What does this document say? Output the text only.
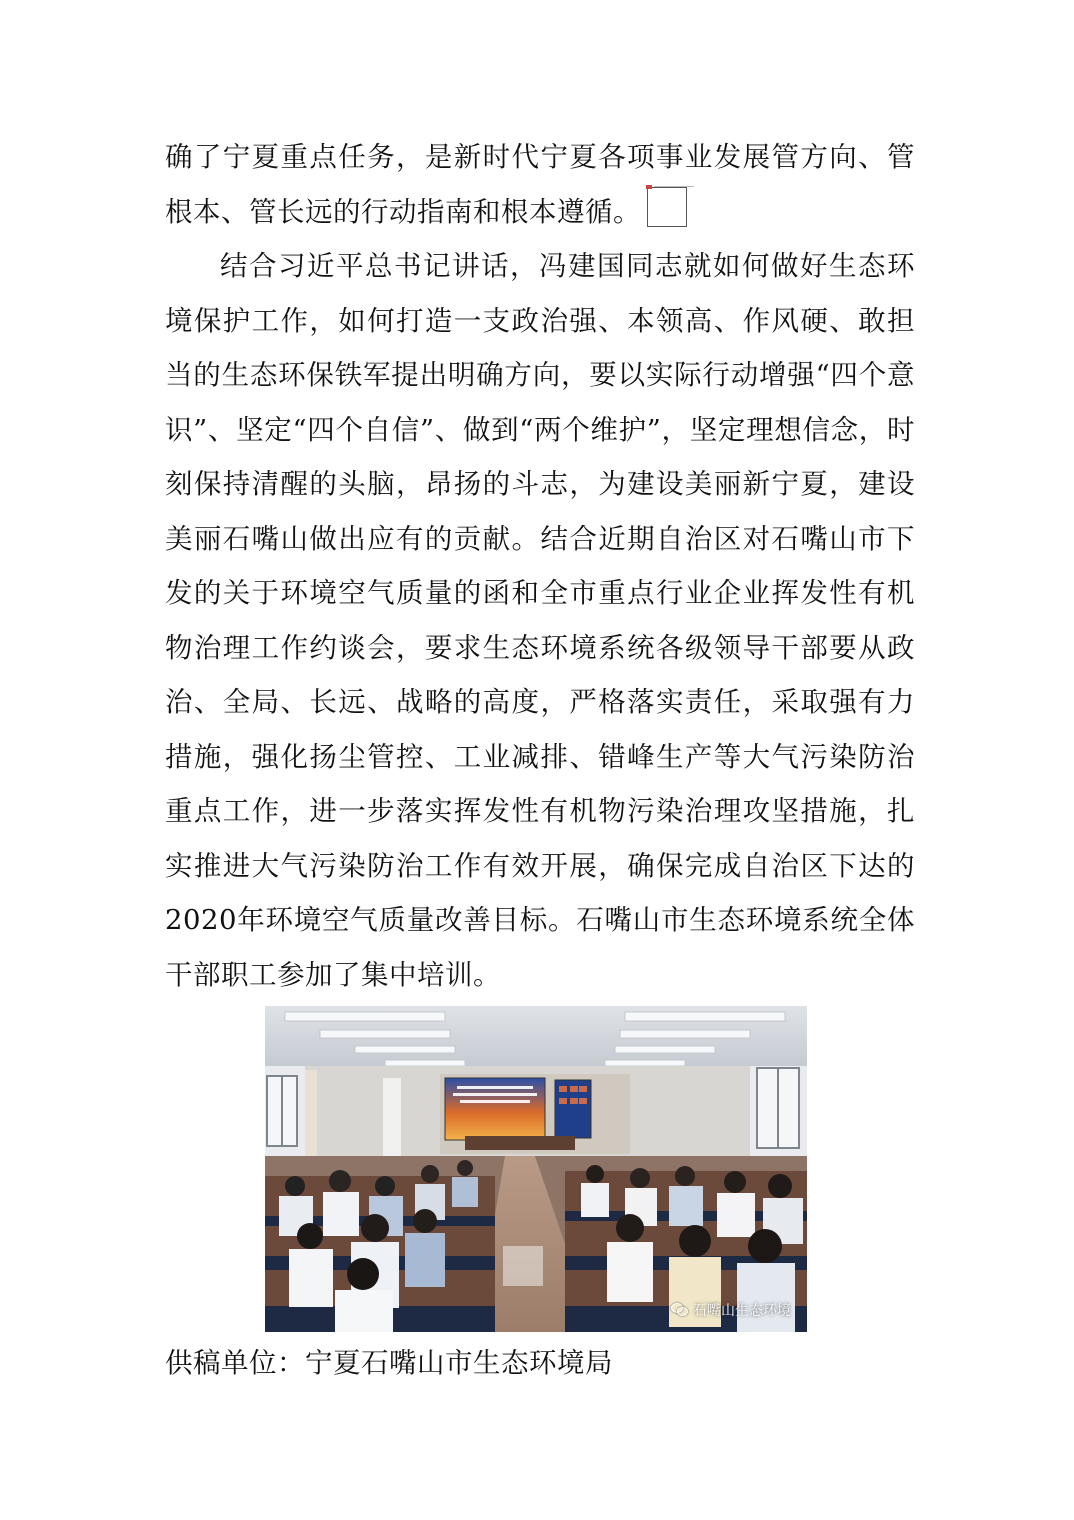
确了宁夏重点任务，是新时代宁夏各项事业发展管方向、管根本、管长远的行动指南和根本遵循。

结合习近平总书记讲话，冯建国同志就如何做好生态环境保护工作，如何打造一支政治强、本领高、作风硬、敢担当的生态环保铁军提出明确方向，要以实际行动增强“四个意识”、坚定“四个自信”、做到“两个维护”，坚定理想信念，时刻保持清醒的头脑，昂扬的斗志，为建设美丽新宁夏，建设美丽石嘴山做出应有的贡献。结合近期自治区对石嘴山市下发的关于环境空气质量的函和全市重点行业企业挥发性有机物治理工作约谈会，要求生态环境系统各级领导干部要从政治、全局、长远、战略的高度，严格落实责任，采取强有力措施，强化扬尘管控、工业减排、错峰生产等大气污染防治重点工作，进一步落实挥发性有机物污染治理攻坚措施，扎实推进大气污染防治工作有效开展，确保完成自治区下达的2020年环境空气质量改善目标。石嘴山市生态环境系统全体干部职工参加了集中培训。

石嘴山生态环境
供稿单位：宁夏石嘴山市生态环境局
